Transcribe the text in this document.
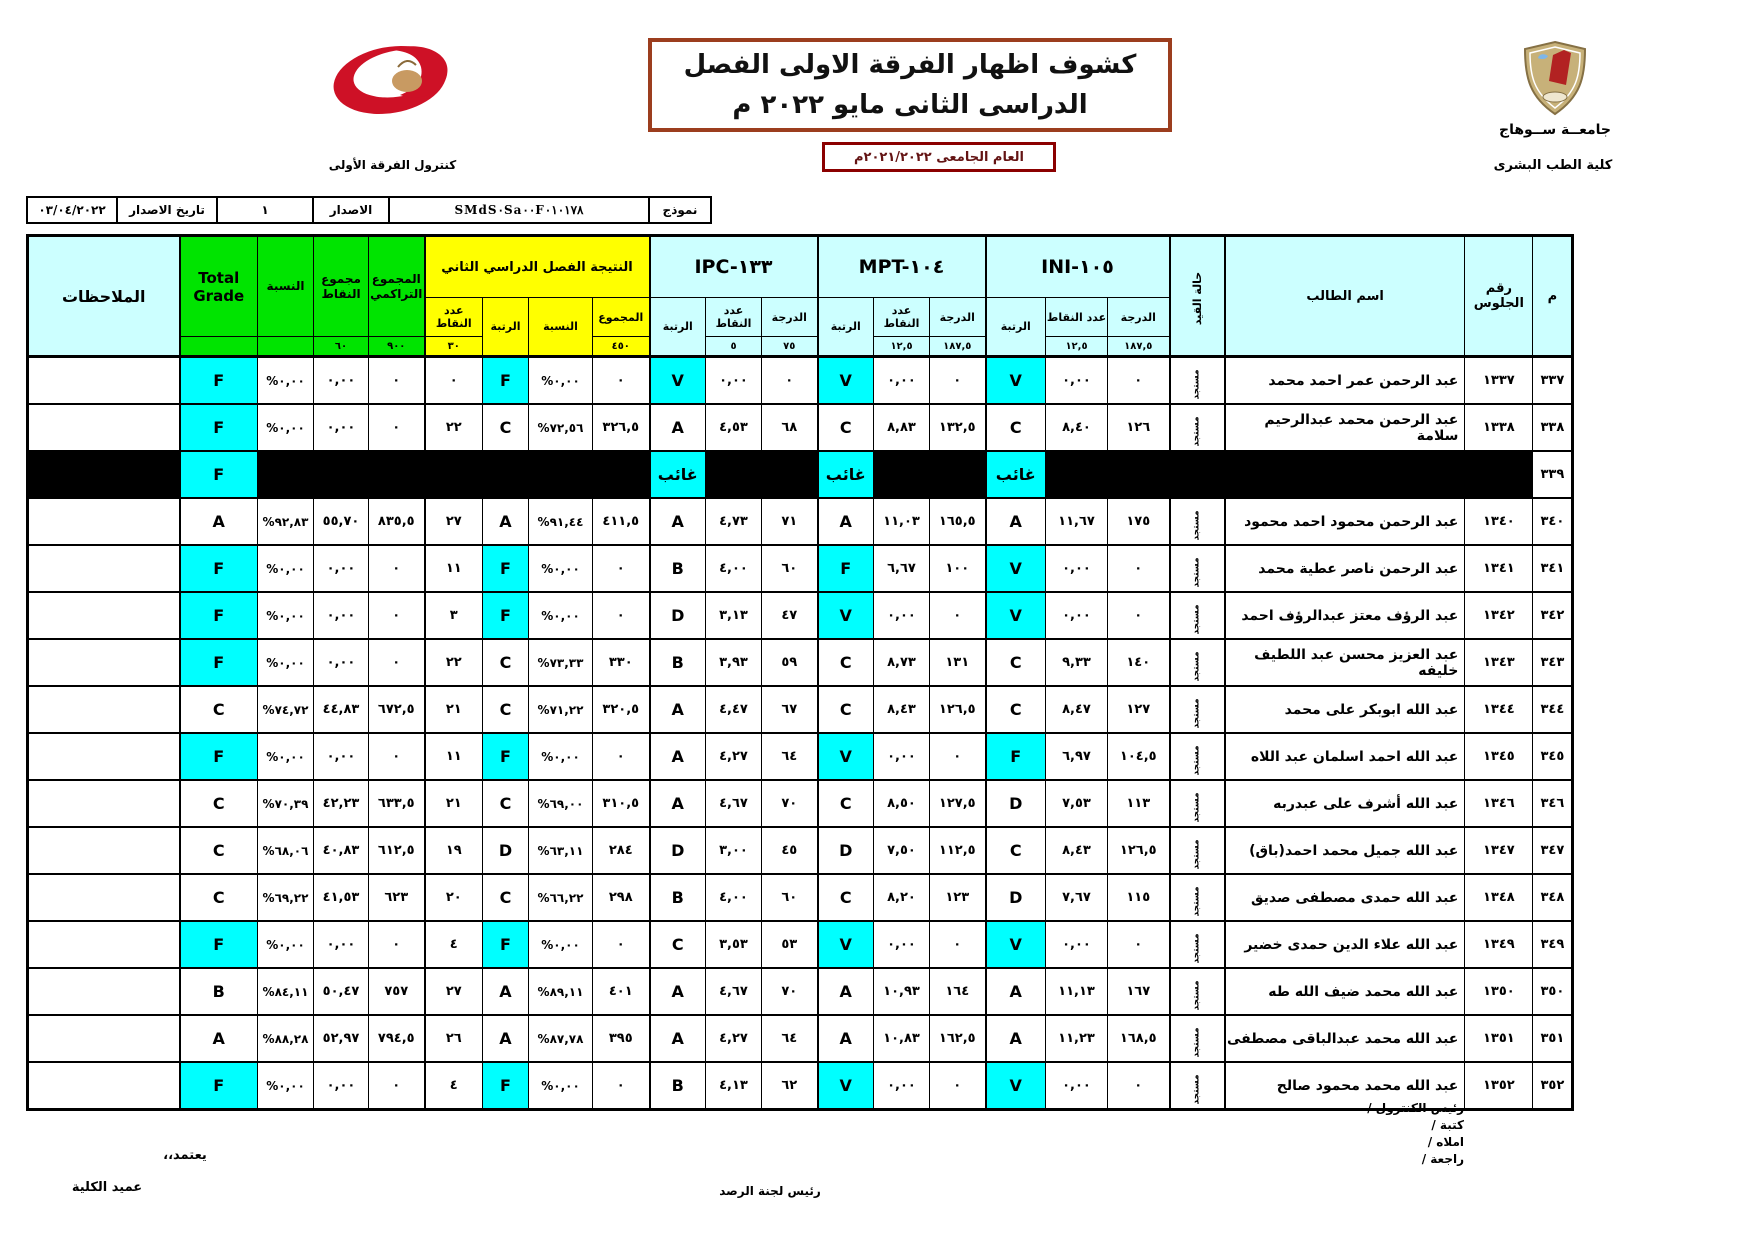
كنترول الفرقة الأولى
كشوف اظهار الفرقة الاولى الفصل
الدراسى الثانى مايو ٢٠٢٢ م
العام الجامعى ٢٠٢١/٢٠٢٢م
جامعــة ســوهاج
كلية الطب البشرى
نموذج	SMdS٠Sa٠٠F٠١٠١٧٨	الاصدار	١	تاريخ الاصدار	٠٣/٠٤/٢٠٢٢
م	رقم الجلوس	اسم الطالب	حالة القيد	INI-١٠٥			MPT-١٠٤			IPC-١٣٣			النتيجة الفصل الدراسي الثاني				المجموع التراكمي	مجموع النقاط	النسبة	Total Grade	الملاحظات
				الدرجة	عدد النقاط	الرتبة	الدرجة	عدد النقاط	الرتبة	الدرجة	عدد النقاط	الرتبة	المجموع	النسبة	الرتبة	عدد النقاط					
				١٨٧,٥	١٢,٥		١٨٧,٥	١٢,٥		٧٥	٥		٤٥٠			٣٠	٩٠٠	٦٠			
٣٣٧	١٣٣٧	عبد الرحمن عمر احمد محمد	مستجد	٠	٠,٠٠	V	٠	٠,٠٠	V	٠	٠,٠٠	V	٠	%٠,٠٠	F	٠	٠	٠,٠٠	%٠,٠٠	F	
٣٣٨	١٣٣٨	عبد الرحمن محمد عبدالرحيم سلامة	مستجد	١٢٦	٨,٤٠	C	١٣٢,٥	٨,٨٣	C	٦٨	٤,٥٣	A	٣٢٦,٥	%٧٢,٥٦	C	٢٢	٠	٠,٠٠	%٠,٠٠	F	
٣٣٩						غائب			غائب			غائب								F	
٣٤٠	١٣٤٠	عبد الرحمن محمود احمد محمود	مستجد	١٧٥	١١,٦٧	A	١٦٥,٥	١١,٠٣	A	٧١	٤,٧٣	A	٤١١,٥	%٩١,٤٤	A	٢٧	٨٣٥,٥	٥٥,٧٠	%٩٢,٨٣	A	
٣٤١	١٣٤١	عبد الرحمن ناصر عطية محمد	مستجد	٠	٠,٠٠	V	١٠٠	٦,٦٧	F	٦٠	٤,٠٠	B	٠	%٠,٠٠	F	١١	٠	٠,٠٠	%٠,٠٠	F	
٣٤٢	١٣٤٢	عبد الرؤف معتز عبدالرؤف احمد	مستجد	٠	٠,٠٠	V	٠	٠,٠٠	V	٤٧	٣,١٣	D	٠	%٠,٠٠	F	٣	٠	٠,٠٠	%٠,٠٠	F	
٣٤٣	١٣٤٣	عبد العزيز محسن عبد اللطيف خليفه	مستجد	١٤٠	٩,٣٣	C	١٣١	٨,٧٣	C	٥٩	٣,٩٣	B	٣٣٠	%٧٣,٣٣	C	٢٢	٠	٠,٠٠	%٠,٠٠	F	
٣٤٤	١٣٤٤	عبد الله ابوبكر على محمد	مستجد	١٢٧	٨,٤٧	C	١٢٦,٥	٨,٤٣	C	٦٧	٤,٤٧	A	٣٢٠,٥	%٧١,٢٢	C	٢١	٦٧٢,٥	٤٤,٨٣	%٧٤,٧٢	C	
٣٤٥	١٣٤٥	عبد الله احمد اسلمان عبد اللاه	مستجد	١٠٤,٥	٦,٩٧	F	٠	٠,٠٠	V	٦٤	٤,٢٧	A	٠	%٠,٠٠	F	١١	٠	٠,٠٠	%٠,٠٠	F	
٣٤٦	١٣٤٦	عبد الله أشرف على عبدربه	مستجد	١١٣	٧,٥٣	D	١٢٧,٥	٨,٥٠	C	٧٠	٤,٦٧	A	٣١٠,٥	%٦٩,٠٠	C	٢١	٦٣٣,٥	٤٢,٢٣	%٧٠,٣٩	C	
٣٤٧	١٣٤٧	عبد الله جميل محمد احمد(باق)	مستجد	١٢٦,٥	٨,٤٣	C	١١٢,٥	٧,٥٠	D	٤٥	٣,٠٠	D	٢٨٤	%٦٣,١١	D	١٩	٦١٢,٥	٤٠,٨٣	%٦٨,٠٦	C	
٣٤٨	١٣٤٨	عبد الله حمدى مصطفى صديق	مستجد	١١٥	٧,٦٧	D	١٢٣	٨,٢٠	C	٦٠	٤,٠٠	B	٢٩٨	%٦٦,٢٢	C	٢٠	٦٢٣	٤١,٥٣	%٦٩,٢٢	C	
٣٤٩	١٣٤٩	عبد الله علاء الدين حمدى خضير	مستجد	٠	٠,٠٠	V	٠	٠,٠٠	V	٥٣	٣,٥٣	C	٠	%٠,٠٠	F	٤	٠	٠,٠٠	%٠,٠٠	F	
٣٥٠	١٣٥٠	عبد الله محمد ضيف الله طه	مستجد	١٦٧	١١,١٣	A	١٦٤	١٠,٩٣	A	٧٠	٤,٦٧	A	٤٠١	%٨٩,١١	A	٢٧	٧٥٧	٥٠,٤٧	%٨٤,١١	B	
٣٥١	١٣٥١	عبد الله محمد عبدالباقى مصطفى	مستجد	١٦٨,٥	١١,٢٣	A	١٦٢,٥	١٠,٨٣	A	٦٤	٤,٢٧	A	٣٩٥	%٨٧,٧٨	A	٢٦	٧٩٤,٥	٥٢,٩٧	%٨٨,٢٨	A	
٣٥٢	١٣٥٢	عبد الله محمد محمود صالح	مستجد	٠	٠,٠٠	V	٠	٠,٠٠	V	٦٢	٤,١٣	B	٠	%٠,٠٠	F	٤	٠	٠,٠٠	%٠,٠٠	F	
رئيس الكنترول /
كتبة /
املاه /
راجعة /
رئيس لجنة الرصد
يعتمد،،
عميد الكلية
